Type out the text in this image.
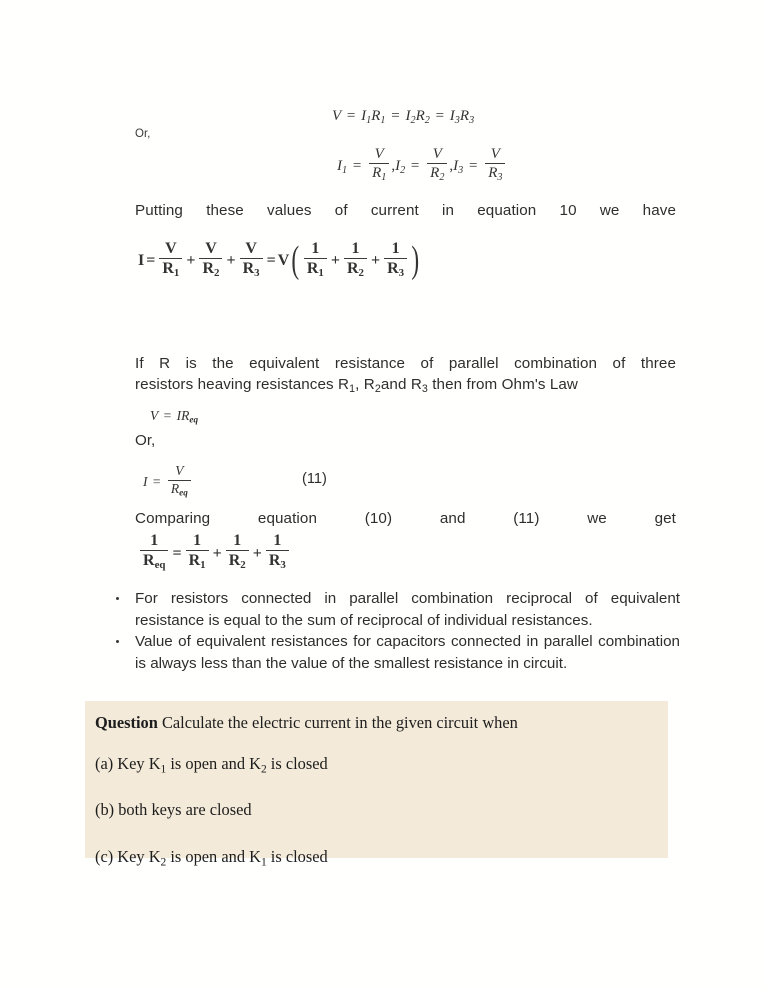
$V = I_1R_1 = I_2R_2 = I_3R_3$
Or,
$I_1 = \frac{V}{R_1} ,I_2 = \frac{V}{R_2} ,I_3 = \frac{V}{R_3}$
Putting these values of current in equation 10 we have
$I = \frac{V}{R_1} + \frac{V}{R_2} + \frac{V}{R_3} = V( \frac{1}{R_1} + \frac{1}{R_2} + \frac{1}{R_3}$ )
If R is the equivalent resistance of parallel combination of three
resistors heaving resistances $R_1$, $R_2and$ $R_3$ then from Ohm's Law
$V = IR_{eq}$
Or,
$I = \frac{V}{R_{eq}}$	(11)
Comparing equation (10) and (11) we get
$\frac{1}{R_{eq}} = \frac{1}{R_1} + \frac{1}{R_2} + \frac{1}{R_3}$
For resistors connected in parallel combination reciprocal of equivalent resistance is equal to the sum of reciprocal of individual resistances.
Value of equivalent resistances for capacitors connected in parallel combination is always less than the value of the smallest resistance in circuit.

Question Calculate the electric current in the given circuit when

(a) Key $K_1$ is open and $K_2$ is closed

(b) both keys are closed

(c) Key $K_2$ is open and $K_1$ is closed
